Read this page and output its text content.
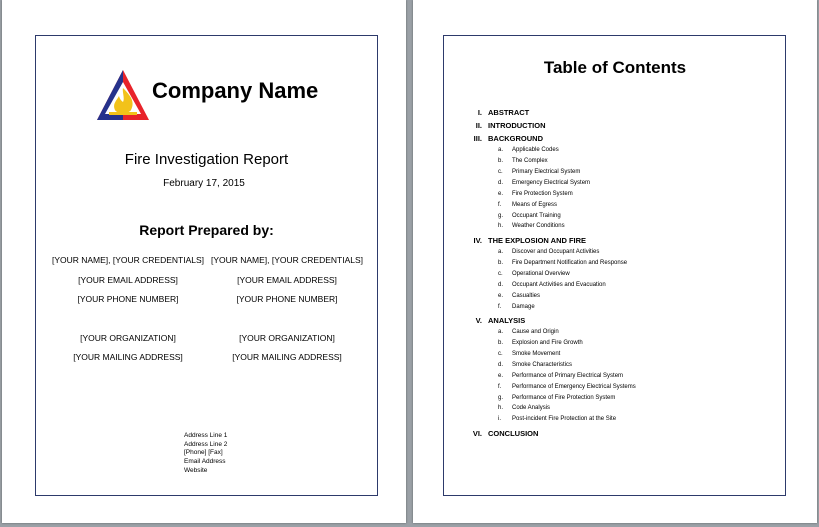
Company Name
Fire Investigation Report
February 17, 2015
Report Prepared by:
[YOUR NAME], [YOUR CREDENTIALS]
[YOUR EMAIL ADDRESS]
[YOUR PHONE NUMBER]
[YOUR ORGANIZATION]
[YOUR MAILING ADDRESS]
[YOUR NAME], [YOUR CREDENTIALS]
[YOUR EMAIL ADDRESS]
[YOUR PHONE NUMBER]
[YOUR ORGANIZATION]
[YOUR MAILING ADDRESS]
Address Line 1
Address Line 2
[Phone] [Fax]
Email Address
Website
Table of Contents
I. ABSTRACT
II. INTRODUCTION
III. BACKGROUND
a. Applicable Codes
b. The Complex
c. Primary Electrical System
d. Emergency Electrical System
e. Fire Protection System
f. Means of Egress
g. Occupant Training
h. Weather Conditions
IV. THE EXPLOSION AND FIRE
a. Discover and Occupant Activities
b. Fire Department Notification and Response
c. Operational Overview
d. Occupant Activities and Evacuation
e. Casualties
f. Damage
V. ANALYSIS
a. Cause and Origin
b. Explosion and Fire Growth
c. Smoke Movement
d. Smoke Characteristics
e. Performance of Primary Electrical System
f. Performance of Emergency Electrical Systems
g. Performance of Fire Protection System
h. Code Analysis
i. Post-incident Fire Protection at the Site
VI. CONCLUSION
